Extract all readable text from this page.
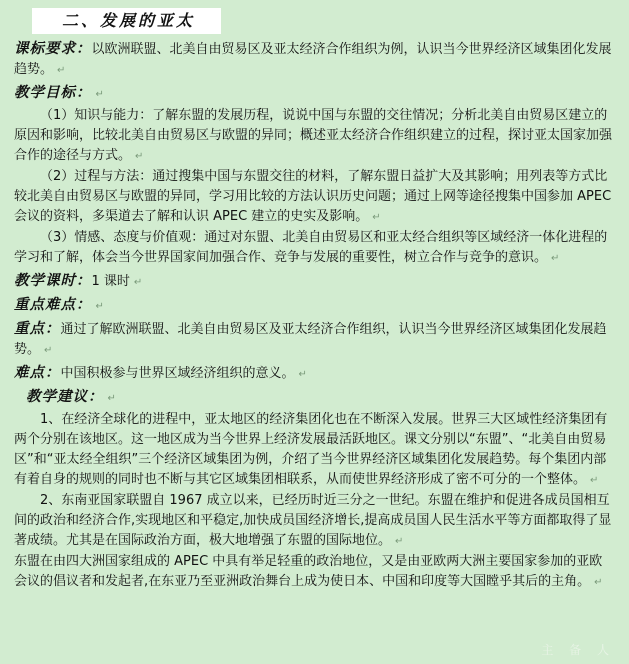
二、发展的亚太

课标要求：以欧洲联盟、北美自由贸易区及亚太经济合作组织为例，认识当今世界经济区域集团化发展趋势。 ↵

教学目标： ↵

（1）知识与能力：了解东盟的发展历程，说说中国与东盟的交往情况；分析北美自由贸易区建立的原因和影响，比较北美自由贸易区与欧盟的异同；概述亚太经济合作组织建立的过程，探讨亚太国家加强合作的途径与方式。 ↵

（2）过程与方法：通过搜集中国与东盟交往的材料，了解东盟日益扩大及其影响；用列表等方式比较北美自由贸易区与欧盟的异同，学习用比较的方法认识历史问题；通过上网等途径搜集中国参加 APEC 会议的资料，多渠道去了解和认识 APEC 建立的史实及影响。 ↵

（3）情感、态度与价值观：通过对东盟、北美自由贸易区和亚太经合组织等区域经济一体化进程的学习和了解，体会当今世界国家间加强合作、竞争与发展的重要性，树立合作与竞争的意识。 ↵

教学课时：1 课时 ↵

重点难点： ↵

重点：通过了解欧洲联盟、北美自由贸易区及亚太经济合作组织，认识当今世界经济区域集团化发展趋势。 ↵

难点：中国积极参与世界区域经济组织的意义。 ↵

教学建议： ↵

1、在经济全球化的进程中，亚太地区的经济集团化也在不断深入发展。世界三大区域性经济集团有两个分别在该地区。这一地区成为当今世界上经济发展最活跃地区。课文分别以“东盟”、“北美自由贸易区”和“亚太经全组织”三个经济区域集团为例，介绍了当今世界经济区域集团化发展趋势。每个集团内部有着自身的规则的同时也不断与其它区域集团相联系，从而使世界经济形成了密不可分的一个整体。 ↵

2、东南亚国家联盟自 1967 成立以来，已经历时近三分之一世纪。东盟在维护和促进各成员国相互间的政治和经济合作,实现地区和平稳定,加快成员国经济增长,提高成员国人民生活水平等方面都取得了显著成绩。尤其是在国际政治方面，极大地增强了东盟的国际地位。 ↵

东盟在由四大洲国家组成的 APEC 中具有举足轻重的政治地位，又是由亚欧两大洲主要国家参加的亚欧会议的倡议者和发起者,在东亚乃至亚洲政治舞台上成为使日本、中国和印度等大国瞠乎其后的主角。 ↵

主 备 人
